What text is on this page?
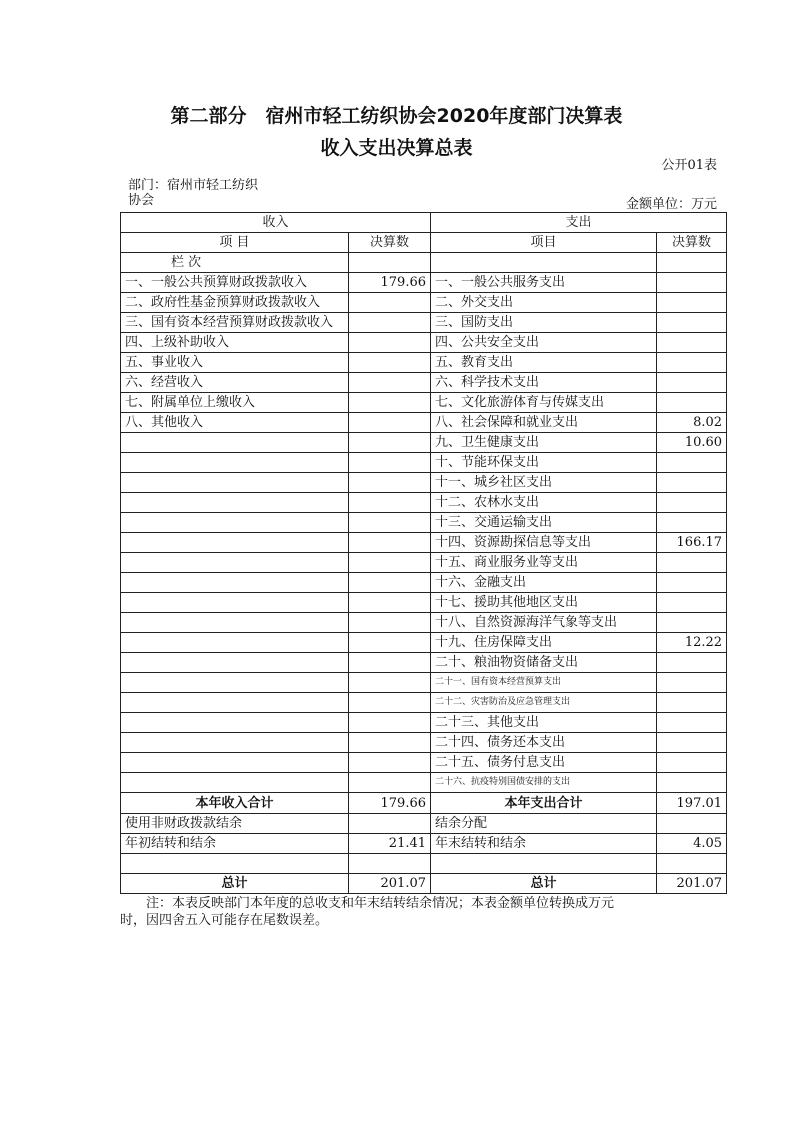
第二部分　宿州市轻工纺织协会2020年度部门决算表
收入支出决算总表
公开01表
部门：宿州市轻工纺织协会	金额单位：万元
收入		支出	
项 目	决算数	项目	决算数
栏 次			
一、一般公共预算财政拨款收入	179.66	一、一般公共服务支出	
二、政府性基金预算财政拨款收入		二、外交支出	
三、国有资本经营预算财政拨款收入		三、国防支出	
四、上级补助收入		四、公共安全支出	
五、事业收入		五、教育支出	
六、经营收入		六、科学技术支出	
七、附属单位上缴收入		七、文化旅游体育与传媒支出	
八、其他收入		八、社会保障和就业支出	8.02
		九、卫生健康支出	10.60
		十、节能环保支出	
		十一、城乡社区支出	
		十二、农林水支出	
		十三、交通运输支出	
		十四、资源勘探信息等支出	166.17
		十五、商业服务业等支出	
		十六、金融支出	
		十七、援助其他地区支出	
		十八、自然资源海洋气象等支出	
		十九、住房保障支出	12.22
		二十、粮油物资储备支出	
		二十一、国有资本经营预算支出	
		二十二、灾害防治及应急管理支出	
		二十三、其他支出	
		二十四、债务还本支出	
		二十五、债务付息支出	
		二十六、抗疫特别国债安排的支出	
本年收入合计	179.66	本年支出合计	197.01
使用非财政拨款结余		结余分配	
年初结转和结余	21.41	年末结转和结余	4.05

总计	201.07	总计	201.07
注：本表反映部门本年度的总收支和年末结转结余情况；本表金额单位转换成万元
时，因四舍五入可能存在尾数误差。
